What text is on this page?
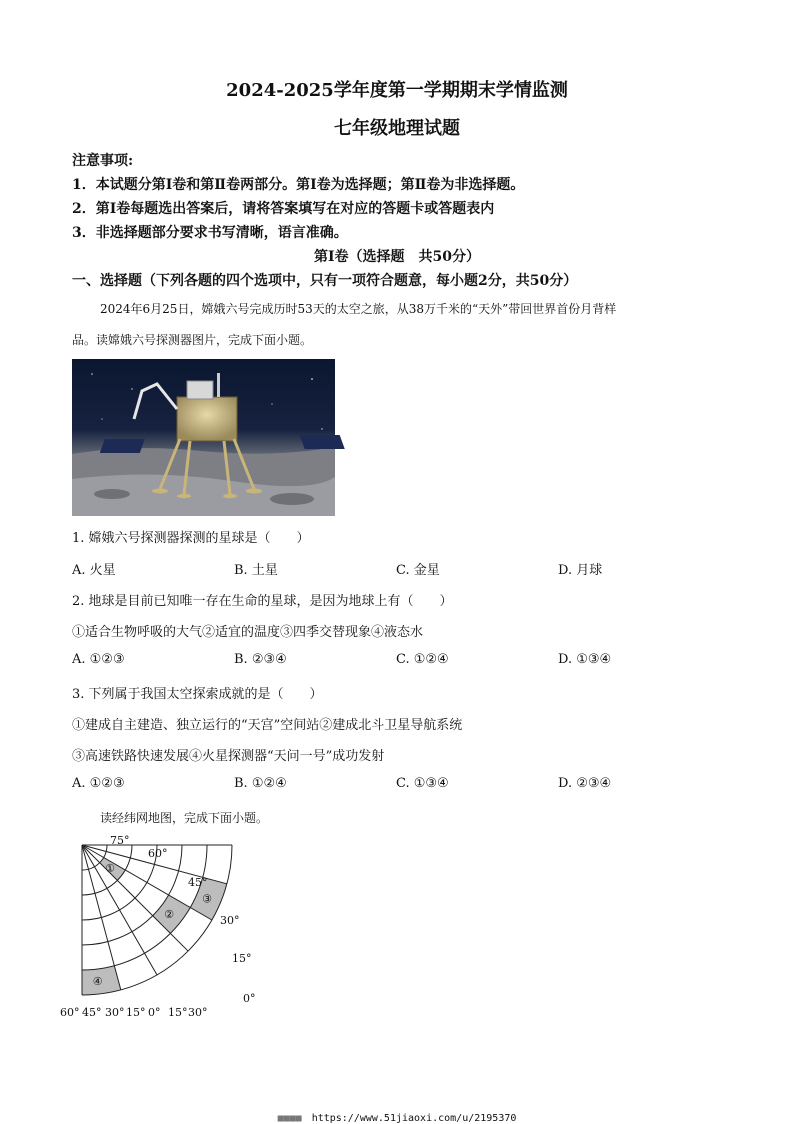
2024-2025学年度第一学期期末学情监测
七年级地理试题
注意事项:
1．本试题分第Ⅰ卷和第Ⅱ卷两部分。第Ⅰ卷为选择题；第Ⅱ卷为非选择题。
2．第Ⅰ卷每题选出答案后，请将答案填写在对应的答题卡或答题表内
3．非选择题部分要求书写清晰，语言准确。
第Ⅰ卷（选择题　共50分）
一、选择题（下列各题的四个选项中，只有一项符合题意，每小题2分，共50分）
2024年6月25日，嫦娥六号完成历时53天的太空之旅，从38万千米的“天外”带回世界首份月背样
品。读嫦娥六号探测器图片，完成下面小题。
1. 嫦娥六号探测器探测的星球是（　　）
A. 火星	B. 土星	C. 金星	D. 月球
2. 地球是目前已知唯一存在生命的星球，是因为地球上有（　　）
①适合生物呼吸的大气②适宜的温度③四季交替现象④液态水
A. ①②③	B. ②③④	C. ①②④	D. ①③④
3. 下列属于我国太空探索成就的是（　　）
①建成自主建造、独立运行的“天宫”空间站②建成北斗卫星导航系统
③高速铁路快速发展④火星探测器“天问一号”成功发射
A. ①②③	B. ①②④	C. ①③④	D. ②③④
读经纬网地图，完成下面小题。
75°
60°
45°
30°
15°
0°
60° 45° 30° 15° 0° 15° 30°
①
②
③
④
■■■■　https://www.51jiaoxi.com/u/2195370
